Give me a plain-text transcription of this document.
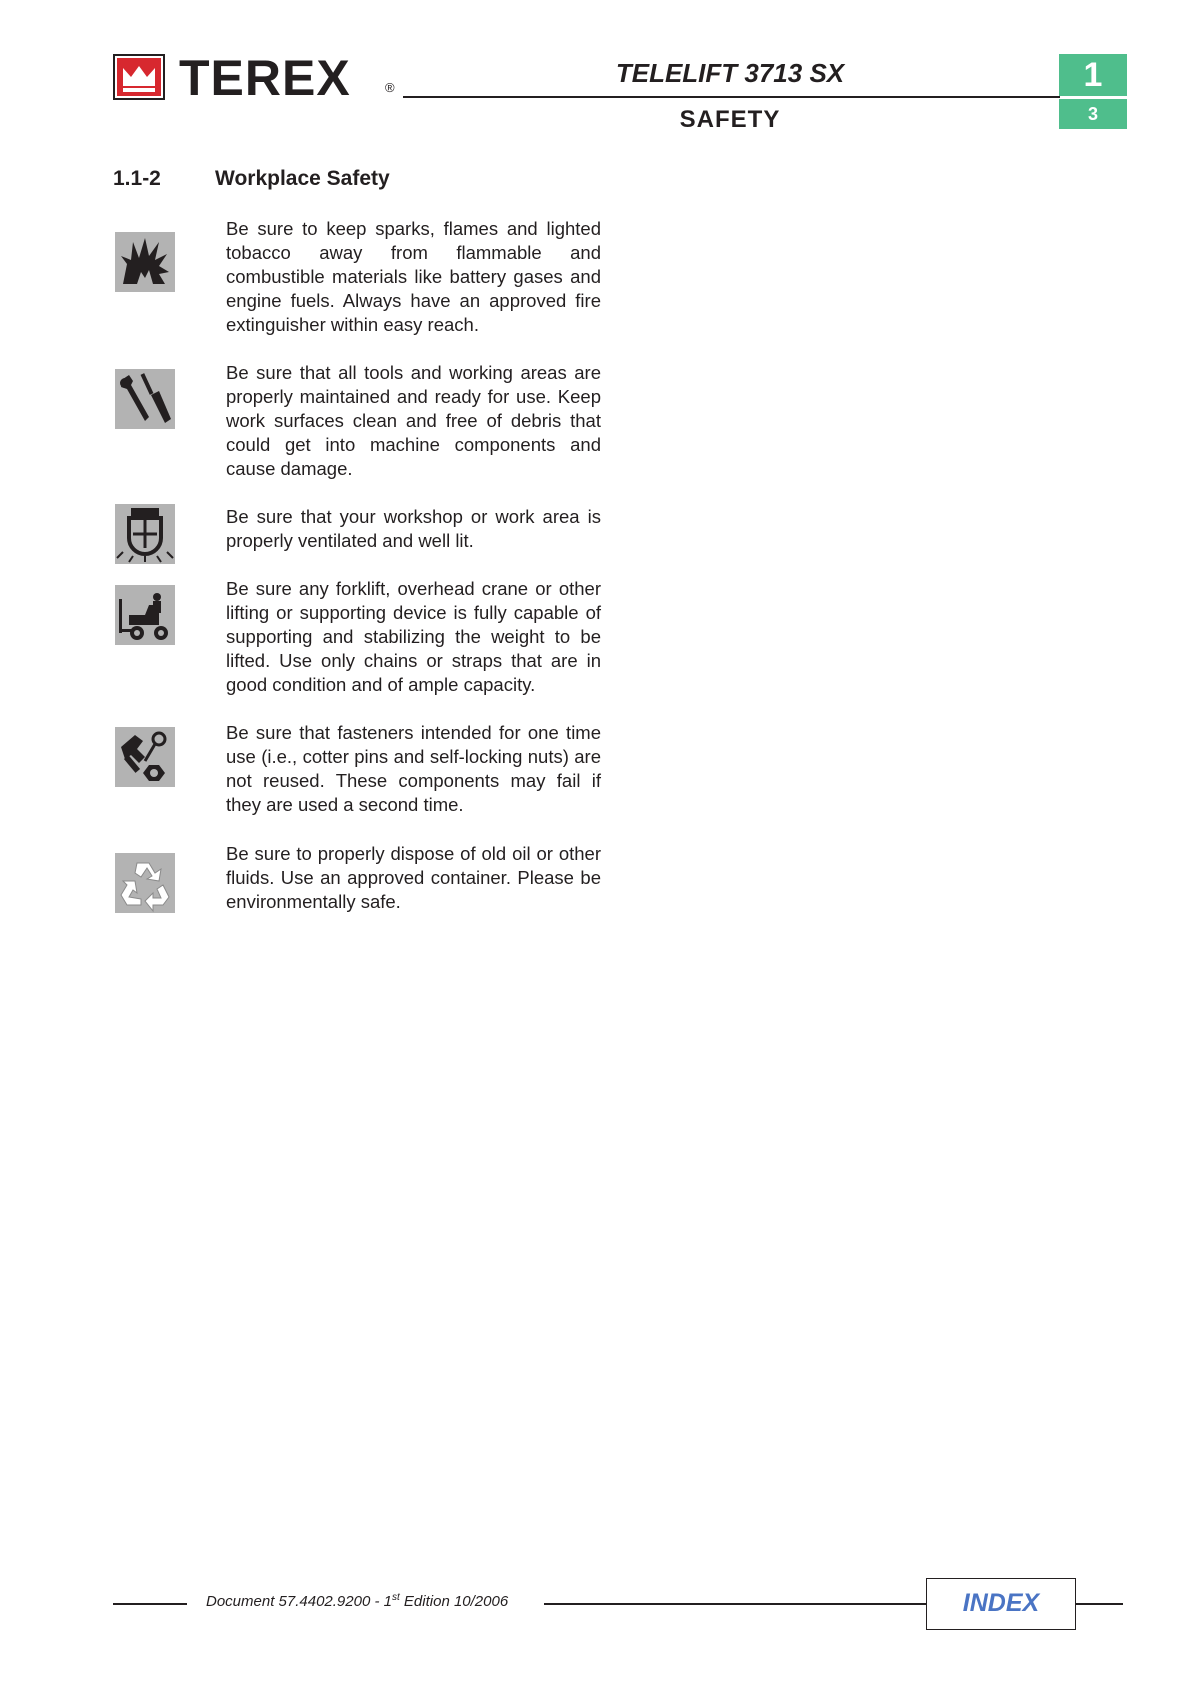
TEREX	®	TELELIFT 3713 SX
SAFETY
1
3
1.1-2	Workplace Safety

Be sure to keep sparks, flames and lighted tobacco away from flammable and combustible materials like battery gases and engine fuels. Always have an approved fire extinguisher within easy reach.

Be sure that all tools and working areas are properly maintained and ready for use. Keep work surfaces clean and free of debris that could get into machine components and cause damage.

Be sure that your workshop or work area is properly ventilated and well lit.

Be sure any forklift, overhead crane or other lifting or supporting device is fully capable of supporting and stabilizing the weight to be lifted. Use only chains or straps that are in good condition and of ample capacity.

Be sure that fasteners intended for one time use (i.e., cotter pins and self-locking nuts) are not reused. These components may fail if they are used a second time.

Be sure to properly dispose of old oil or other fluids. Use an approved container. Please be environmentally safe.

Document 57.4402.9200 - 1st Edition 10/2006	INDEX
